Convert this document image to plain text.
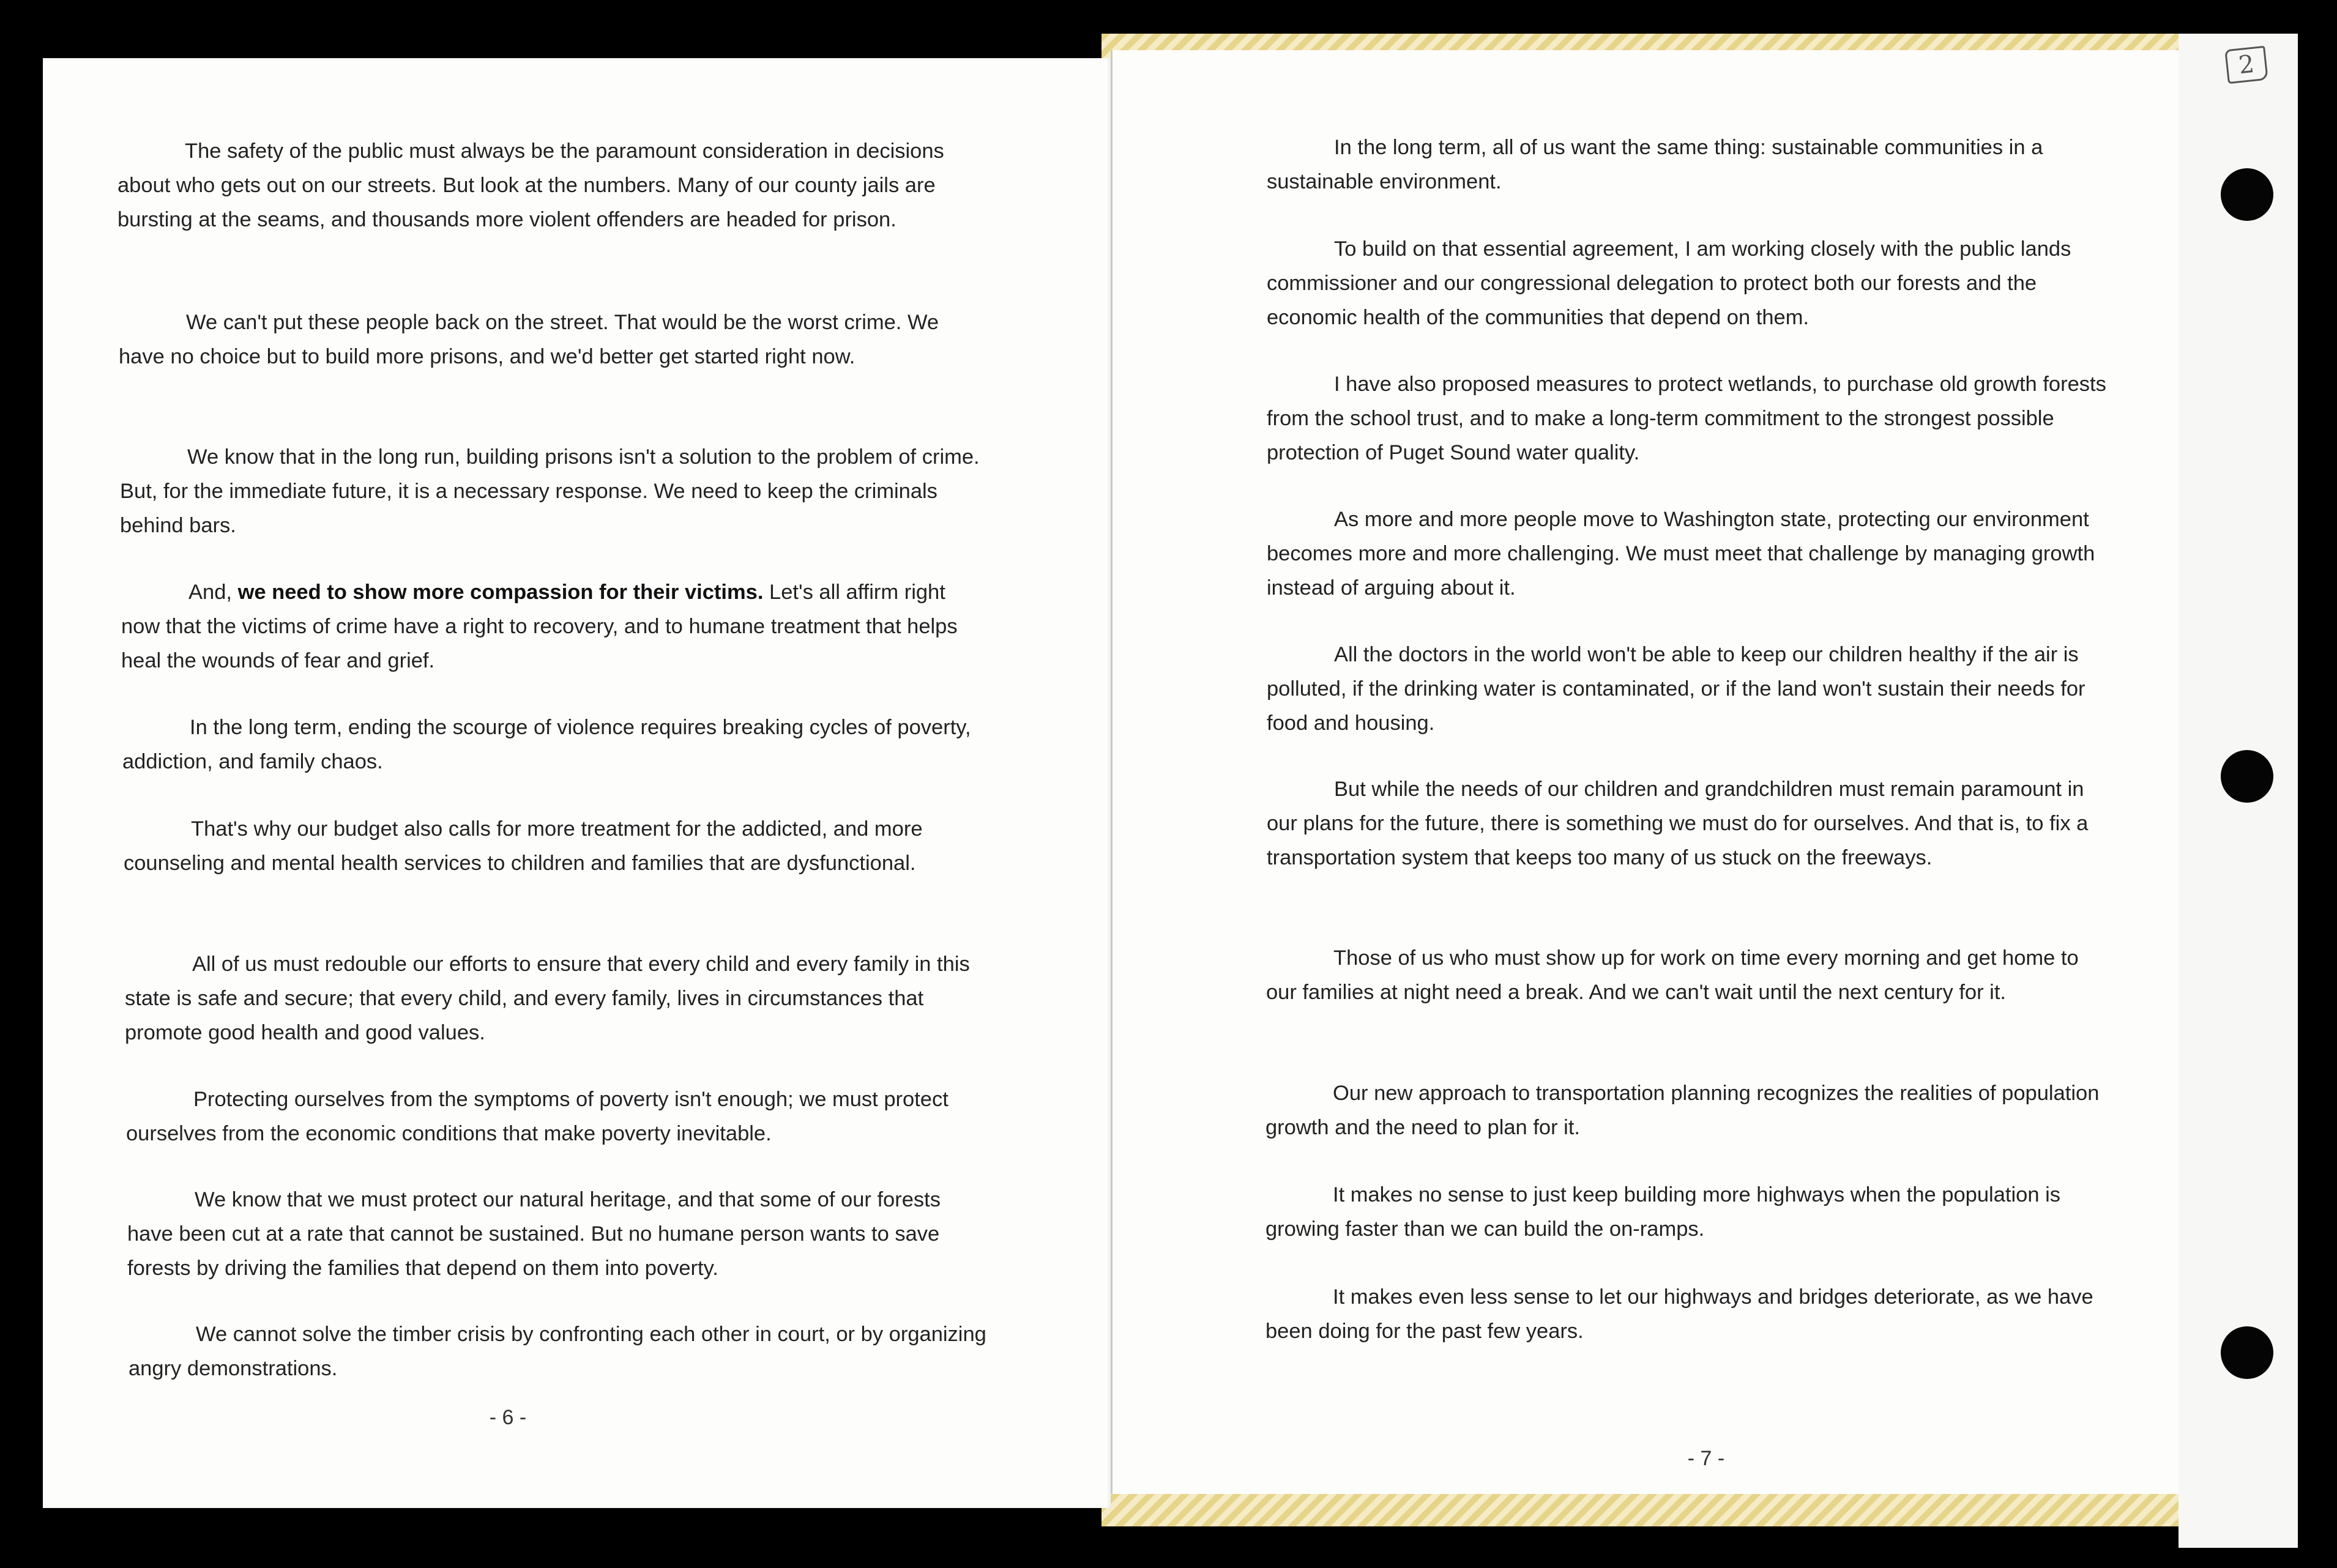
The safety of the public must always be the paramount consideration in decisions about who gets out on our streets. But look at the numbers. Many of our county jails are bursting at the seams, and thousands more violent offenders are headed for prison.

We can't put these people back on the street. That would be the worst crime. We have no choice but to build more prisons, and we'd better get started right now.

We know that in the long run, building prisons isn't a solution to the problem of crime. But, for the immediate future, it is a necessary response. We need to keep the criminals behind bars.

And, we need to show more compassion for their victims. Let's all affirm right now that the victims of crime have a right to recovery, and to humane treatment that helps heal the wounds of fear and grief.

In the long term, ending the scourge of violence requires breaking cycles of poverty, addiction, and family chaos.

That's why our budget also calls for more treatment for the addicted, and more counseling and mental health services to children and families that are dysfunctional.

All of us must redouble our efforts to ensure that every child and every family in this state is safe and secure; that every child, and every family, lives in circumstances that promote good health and good values.

Protecting ourselves from the symptoms of poverty isn't enough; we must protect ourselves from the economic conditions that make poverty inevitable.

We know that we must protect our natural heritage, and that some of our forests have been cut at a rate that cannot be sustained. But no humane person wants to save forests by driving the families that depend on them into poverty.

We cannot solve the timber crisis by confronting each other in court, or by organizing angry demonstrations.

- 6 -

In the long term, all of us want the same thing: sustainable communities in a sustainable environment.

To build on that essential agreement, I am working closely with the public lands commissioner and our congressional delegation to protect both our forests and the economic health of the communities that depend on them.

I have also proposed measures to protect wetlands, to purchase old growth forests from the school trust, and to make a long-term commitment to the strongest possible protection of Puget Sound water quality.

As more and more people move to Washington state, protecting our environment becomes more and more challenging. We must meet that challenge by managing growth instead of arguing about it.

All the doctors in the world won't be able to keep our children healthy if the air is polluted, if the drinking water is contaminated, or if the land won't sustain their needs for food and housing.

But while the needs of our children and grandchildren must remain paramount in our plans for the future, there is something we must do for ourselves. And that is, to fix a transportation system that keeps too many of us stuck on the freeways.

Those of us who must show up for work on time every morning and get home to our families at night need a break. And we can't wait until the next century for it.

Our new approach to transportation planning recognizes the realities of population growth and the need to plan for it.

It makes no sense to just keep building more highways when the population is growing faster than we can build the on-ramps.

It makes even less sense to let our highways and bridges deteriorate, as we have been doing for the past few years.

- 7 -
2
